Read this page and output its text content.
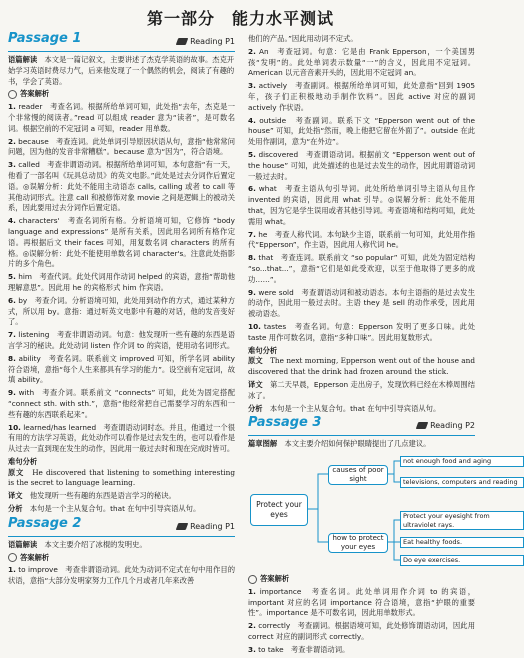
第一部分　能力水平测试
Passage 1	Reading P1
语篇解读　 本文是一篇记叙文，主要讲述了杰克学英语的故事。杰克开始学习英语时费尽力气，后来他发现了一个偶然的机会，阅读了有趣的书，学会了英语。
答案解析
1. reader　考查名词。根据所给单词可知，此处指“去年，杰克是一个非常慢的阅读者。”read 可以组成 reader 意为“读者”，是可数名词。根据空前的不定冠词 a 可知，reader 用单数。
2. because　考查连词。此处单词引导原因状语从句，意指“他常常问问题，因为他的发音非常糟糕”。because 意为“因为”，符合语境。
3. called　考查非谓语动词。根据所给单词可知，本句意指“有一天，他看了一部名叫《玩具总动员》的英文电影。”此处是过去分词作后置定语。◎误解分析：此处不能用主动语态 calls, calling 或者 to call 等其他动词形式。注意 call 和被修饰对象 movie 之间是逻辑上的被动关系，因此要用过去分词作后置定语。
4. characters'　考查名词所有格。分析语境可知，它修饰 “body language and expressions” 是所有关系，因此用名词所有格作定语。再根据后文 their faces 可知，用复数名词 characters 的所有格。◎误解分析：此处不能使用单数名词 character's。注意此处指影片的多个角色。
5. him　考查代词。此处代词用作动词 helped 的宾语，意指“帮助他理解意思”。因此用 he 的宾格形式 him 作宾语。
6. by　考查介词。分析语境可知，此处用到动作的方式，通过某种方式，所以用 by。意指：通过听英文电影中有趣的对话，他的发音变好了。
7. listening　考查非谓语动词。句意：他发现听一些有趣的东西是语言学习的秘诀。此处动词 listen 作介词 to 的宾语，使用动名词形式。
8. ability　考查名词。联系前文 improved 可知，所学名词 ability 符合语境，意指“每个人生来都具有学习的能力”。设空前有定冠词，故填 ability。
9. with　考查介词。联系前文 “connects” 可知，此处为固定搭配 “connect sth. with sth.”，意指“他经常把自己需要学习的东西和一些有趣的东西联系起来”。
10. learned/has learned　考查谓语动词时态。并且，他通过一个很有用的方法学习英语，此处动作可以看作是过去发生的，也可以看作是从过去一直到现在发生的动作，因此用一般过去时和现在完成时皆可。
难句分析
原文　 He discovered that listening to something interesting is the secret to language learning.
译文　 他发现听一些有趣的东西是语言学习的秘诀。
分析　 本句是一个主从复合句。that 在句中引导宾语从句。
Passage 2	Reading P1
语篇解读　 本文主要介绍了冰棍的发明史。
答案解析
1. to improve　考查非谓语动词。此处为动词不定式在句中用作目的状语，意指“大部分发明家努力工作几个月或者几年来改善
他们的产品。”因此用动词不定式。
2. An　考查冠词。句意：它是由 Frank Epperson，一个美国男孩“发明”的。此处单词表示数量“一”的含义，因此用不定冠词。American 以元音音素开头的，因此用不定冠词 an。
3. actively　考查副词。根据所给单词可知，此处意指“回到 1905 年，孩子们正积极地动手制作饮料”。因此 active 对应的副词 actively 作状语。
4. outside　考查副词。联系下文 “Epperson went out of the house” 可知，此处指“然而，晚上他把它留在外面了”。outside 在此处用作副词，意为“在外边”。
5. discovered　考查谓语动词。根据前文 “Epperson went out of the house” 可知，此处描述的也是过去发生的动作，因此用谓语动词一般过去时。
6. what　考查主语从句引导词。此处所给单词引导主语从句且作 invented 的宾语，因此用 what 引导。◎误解分析：此处不能用 that，因为它是学生误用或者其他引导词。考查语境和结构可知，此处需用 what。
7. he　考查人称代词。本句缺少主语，联系前一句可知，此处用作指代“Epperson”，作主语，因此用人称代词 he。
8. that　考查连词。联系前文 “so popular” 可知，此处为固定结构 “so...that...”，意指“它们是如此受欢迎，以至于他取得了更多的成功……”。
9. were sold　考查谓语动词和被动语态。本句主语指的是过去发生的动作，因此用一般过去时。主语 they 是 sell 的动作承受，因此用被动语态。
10. tastes　考查名词。句意：Epperson 发明了更多口味。此处 taste 用作可数名词，意指“多种口味”。因此用复数形式。
难句分析
原文　 The next morning, Epperson went out of the house and discovered that the drink had frozen around the stick.
译文　 第二天早晨，Epperson 走出房子，发现饮料已经在木棒周围结冰了。
分析　 本句是一个主从复合句。that 在句中引导宾语从句。
Passage 3	Reading P2
篇章图解　 本文主要介绍如何保护眼睛提出了几点建议。
Protect your eyes
causes of poor sight
how to protect your eyes
not enough food and aging
televisions, computers and reading
Protect your eyesight from ultraviolet rays.
Eat healthy foods.
Do eye exercises.
答案解析
1. importance　考查名词。此处单词用作介词 to 的宾语，important 对应的名词 importance 符合语境，意指“护眼的重要性”。importance 是不可数名词，因此用单数形式。
2. correctly　考查副词。根据语境可知，此处修饰谓语动词，因此用 correct 对应的副词形式 correctly。
3. to take　考查非谓语动词。
